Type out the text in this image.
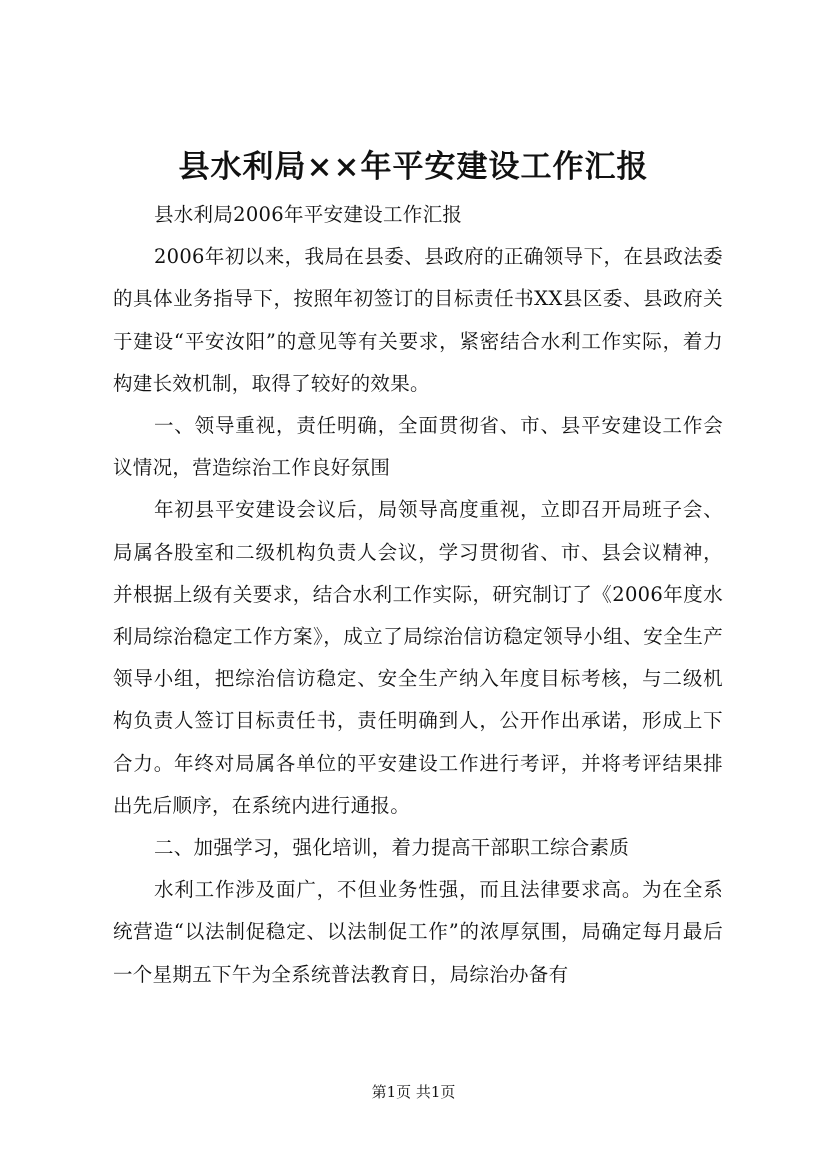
县水利局××年平安建设工作汇报

县水利局2006年平安建设工作汇报

2006年初以来，我局在县委、县政府的正确领导下，在县政法委的具体业务指导下，按照年初签订的目标责任书XX县区委、县政府关于建设“平安汝阳”的意见等有关要求，紧密结合水利工作实际，着力构建长效机制，取得了较好的效果。

一、领导重视，责任明确，全面贯彻省、市、县平安建设工作会议情况，营造综治工作良好氛围

年初县平安建设会议后，局领导高度重视，立即召开局班子会、局属各股室和二级机构负责人会议，学习贯彻省、市、县会议精神，并根据上级有关要求，结合水利工作实际，研究制订了《2006年度水利局综治稳定工作方案》，成立了局综治信访稳定领导小组、安全生产领导小组，把综治信访稳定、安全生产纳入年度目标考核，与二级机构负责人签订目标责任书，责任明确到人，公开作出承诺，形成上下合力。年终对局属各单位的平安建设工作进行考评，并将考评结果排出先后顺序，在系统内进行通报。

二、加强学习，强化培训，着力提高干部职工综合素质

水利工作涉及面广，不但业务性强，而且法律要求高。为在全系统营造“以法制促稳定、以法制促工作”的浓厚氛围，局确定每月最后一个星期五下午为全系统普法教育日，局综治办备有

第1页 共1页
